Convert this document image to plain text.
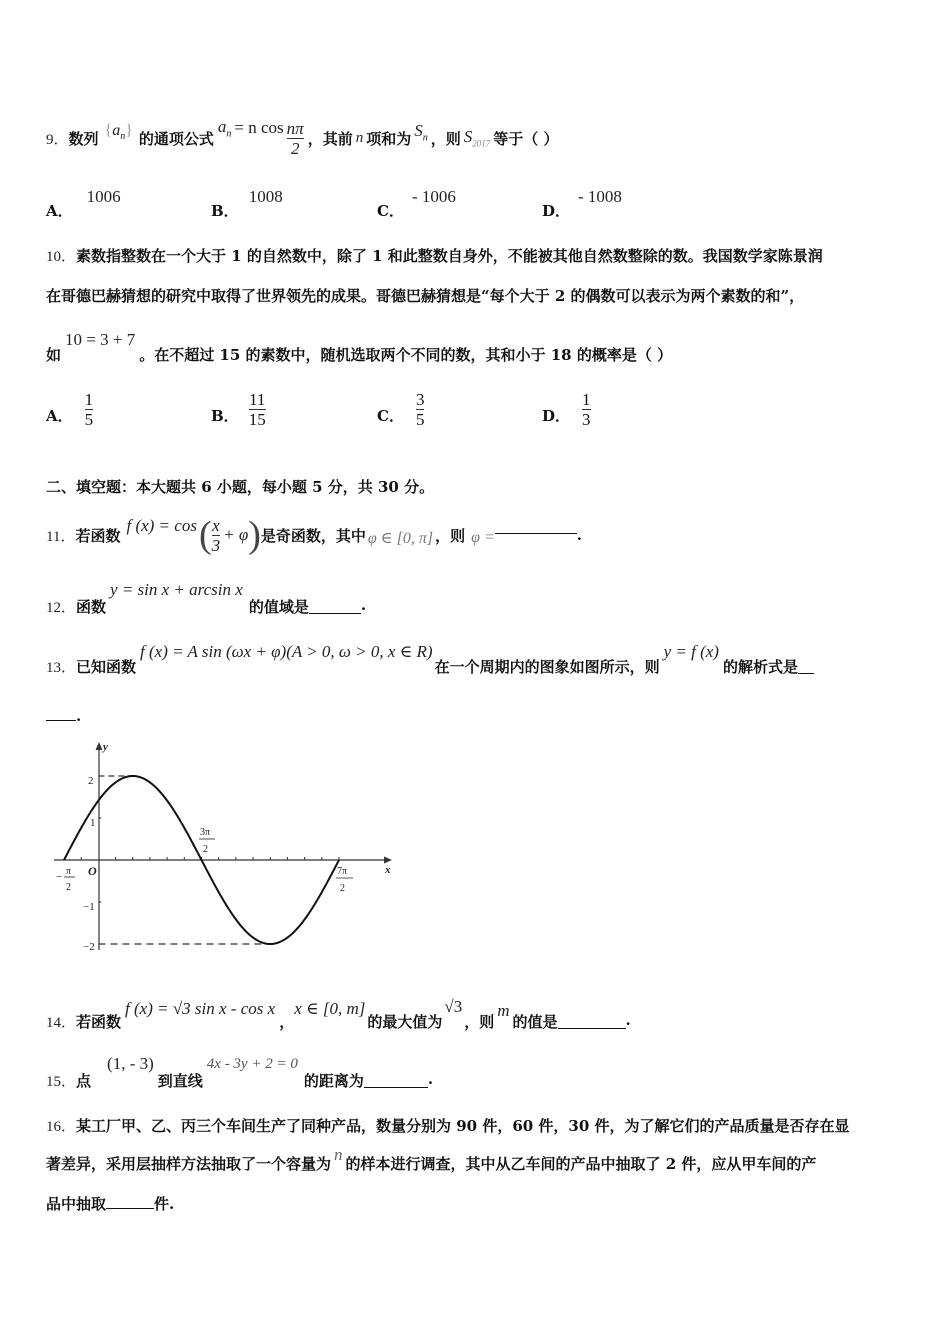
9． 数列 $\{a_n\}$ 的通项公式
$a_n = n$ $\cos \frac{n\pi}{2}$ ，其前 n 项和为 $S_n$ ，则 $S_{2017}$ 等于（ ）
A．1006
B．1008
C．- 1006
D．- 1008
10．素数指整数在一个大于 1 的自然数中，除了 1 和此整数自身外，不能被其他自然数整除的数。我国数学家陈景润
在哥德巴赫猜想的研究中取得了世界领先的成果。哥德巴赫猜想是“每个大于 2 的偶数可以表示为两个素数的和”，
如
10 = 3 + 7
。在不超过 15 的素数中，随机选取两个不同的数，其和小于 18 的概率是（ ）
A． $\frac{1}{5}$	B． $\frac{11}{15}$	C． $\frac{3}{5}$	D． $\frac{1}{3}$
二、填空题：本大题共 6 小题，每小题 5 分，共 30 分。
11． 若函数
f (x) = cos ( $\frac{x}{3} + \varphi$ ) 是奇函数，其中 φ ∈ [0, π] ，则 φ =	.
12． 函数
y = sin x + arcsin x
的值域是	.
13． 已知函数
f (x) = A sin (ωx + φ)(A > 0, ω > 0, x ∈ R)
在一个周期内的图象如图所示，则
y = f (x)
的解析式是
.
y
x
O
2
1
−1
−2
− π
2
3π
2
7π
2
14． 若函数
f (x) = √3 sin x - cos x
，
x ∈ [0, m]
的最大值为
√3
，则
m
的值是	.
15． 点
(1, - 3)
到直线
4x - 3y + 2 = 0
的距离为	.
16．某工厂甲、乙、丙三个车间生产了同种产品，数量分别为 90 件，60 件，30 件，为了解它们的产品质量是否存在显
著差异，采用层抽样方法抽取了一个容量为 n 的样本进行调查，其中从乙车间的产品中抽取了 2 件，应从甲车间的产
品中抽取	件.
